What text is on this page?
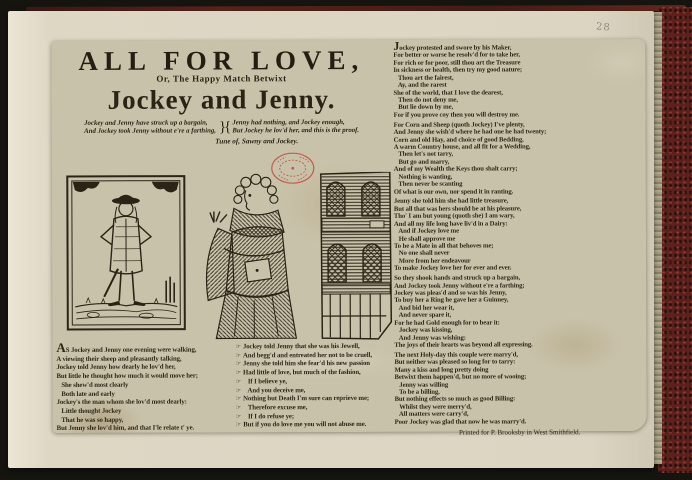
28
ALL FOR LOVE,
Or, The Happy Match Betwixt
Jockey and Jenny.
Jockey and Jenny have struck up a bargain,
And Jockey took Jenny without e're a farthing, }{ Jenny had nothing, and Jockey enough,
But Jockey he lov'd her, and this is the proof.
Tune of, Sawny and Jockey.
AS Jockey and Jenny one evening were walking,
A viewing their sheep and pleasantly talking,
Jockey told Jenny how dearly he lov'd her,
But little he thought how much it would move her;
She shew'd most clearly
Both late and early
Jockey's the man whom she lov'd most dearly:
Little thought Jockey
That he was so happy,
But Jenny she lov'd him, and that I'le relate t' ye.
☞ Jockey told Jenny that she was his Jewell,
☞ And begg'd and entreated her not to be cruell,
☞ Jenny she told him she fear'd his new passion
☞ Had little of love, but much of the fashion,
☞   If I believe ye,
☞   And you deceive me,
☞ Nothing but Death I'm sure can reprieve me;
☞   Therefore excuse me,
☞   If I do refuse ye;
☞ But if you do love me you will not abuse me.
Jockey protested and swore by his Maker,
For better or worse he resolv'd for to take her,
For rich or for poor, still thou art the Treasure
In sickness or health, then try my good nature;
Thou art the fairest,
Ay, and the rarest
She of the world, that I love the dearest,
Then do not deny me,
But lie down by me,
For if you prove coy then you will destroy me.
For Corn and Sheep (quoth Jockey) I've plenty,
And Jenny she wish'd where he had one he had twenty;
Corn and old Hay, and choice of good Bedding,
A warm Country house, and all fit for a Wedding,
Then let's not tarry,
But go and marry,
And of my Wealth the Keys thou shalt carry;
Nothing is wanting,
Then never be scanting
Of what is our own, nor spend it in ranting.
Jenny she told him she had little treasure,
But all that was hers should be at his pleasure,
Tho' I am but young (quoth she) I am wary,
And all my life long have liv'd in a Dairy:
And if Jockey love me
He shall approve me
To be a Mate in all that behoves me;
No one shall never
More from her endeavour
To make Jockey love her for ever and ever.
So they shook hands and struck up a bargain,
And Jockey took Jenny without e're a farthing;
Jockey was pleas'd and so was his Jenny,
To buy her a Ring he gave her a Guinney,
And bid her wear it,
And never spare it,
For he had Gold enough for to bear it:
Jockey was kissing,
And Jenny was wishing:
The joys of their hearts was beyond all expressing.
The next Holy-day this couple were marry'd,
But neither was pleased so long for to tarry:
Many a kiss and long pretty doing
Betwixt them happen'd, but no more of wooing;
Jenny was willing
To be a billing,
But nothing effects so much as good Billing:
Whilst they were merry'd,
All matters were carry'd,
Poor Jockey was glad that now he was marry'd.
Printed for P. Brooksby in West Smithfield.
